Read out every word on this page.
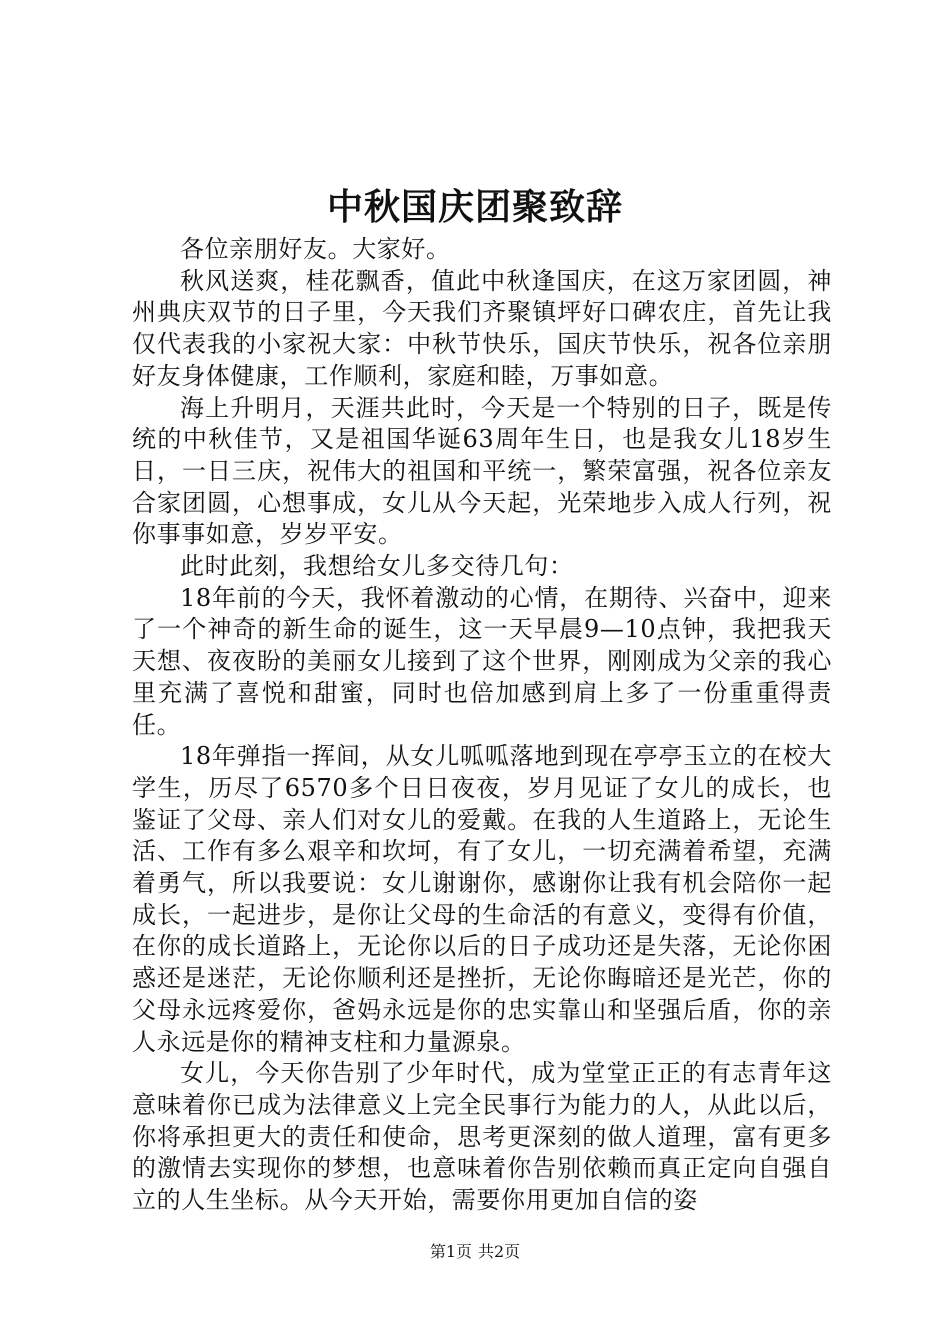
中秋国庆团聚致辞

各位亲朋好友。大家好。

秋风送爽，桂花飘香，值此中秋逢国庆，在这万家团圆，神州典庆双节的日子里，今天我们齐聚镇坪好口碑农庄，首先让我仅代表我的小家祝大家：中秋节快乐，国庆节快乐，祝各位亲朋好友身体健康，工作顺利，家庭和睦，万事如意。

海上升明月，天涯共此时，今天是一个特别的日子，既是传统的中秋佳节，又是祖国华诞63周年生日，也是我女儿18岁生日，一日三庆，祝伟大的祖国和平统一，繁荣富强，祝各位亲友合家团圆，心想事成，女儿从今天起，光荣地步入成人行列，祝你事事如意，岁岁平安。

此时此刻，我想给女儿多交待几句：

18年前的今天，我怀着激动的心情，在期待、兴奋中，迎来了一个神奇的新生命的诞生，这一天早晨9—10点钟，我把我天天想、夜夜盼的美丽女儿接到了这个世界，刚刚成为父亲的我心里充满了喜悦和甜蜜，同时也倍加感到肩上多了一份重重得责任。

18年弹指一挥间，从女儿呱呱落地到现在亭亭玉立的在校大学生，历尽了6570多个日日夜夜，岁月见证了女儿的成长，也鉴证了父母、亲人们对女儿的爱戴。在我的人生道路上，无论生活、工作有多么艰辛和坎坷，有了女儿，一切充满着希望，充满着勇气，所以我要说：女儿谢谢你，感谢你让我有机会陪你一起成长，一起进步，是你让父母的生命活的有意义，变得有价值，在你的成长道路上，无论你以后的日子成功还是失落，无论你困惑还是迷茫，无论你顺利还是挫折，无论你晦暗还是光芒，你的父母永远疼爱你，爸妈永远是你的忠实靠山和坚强后盾，你的亲人永远是你的精神支柱和力量源泉。

女儿，今天你告别了少年时代，成为堂堂正正的有志青年这意味着你已成为法律意义上完全民事行为能力的人，从此以后，你将承担更大的责任和使命，思考更深刻的做人道理，富有更多的激情去实现你的梦想，也意味着你告别依赖而真正定向自强自立的人生坐标。从今天开始，需要你用更加自信的姿

第1页 共2页
